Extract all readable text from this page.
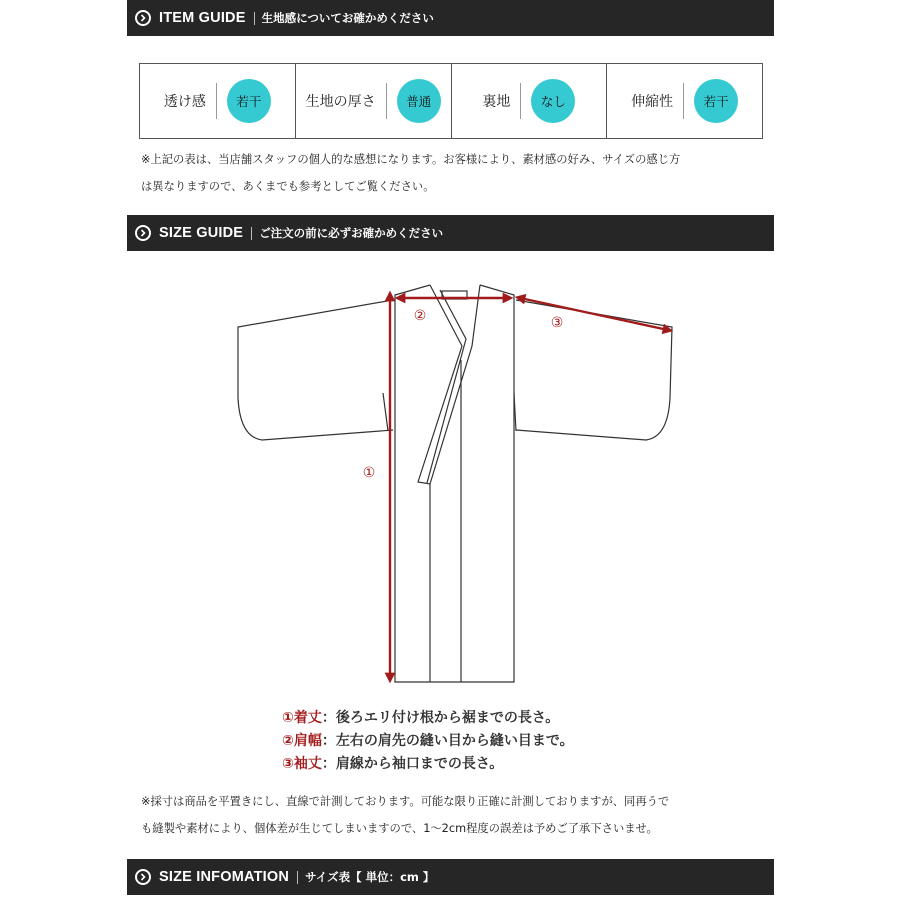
ITEM GUIDE 生地感についてお確かめください
透け感	若干	生地の厚さ	普通	裏地	なし	伸縮性	若干
※上記の表は、当店舗スタッフの個人的な感想になります。お客様により、素材感の好み、サイズの感じ方
は異なりますので、あくまでも参考としてご覧ください。
SIZE GUIDE ご注文の前に必ずお確かめください
①
②	③
①着丈：後ろエリ付け根から裾までの長さ。
②肩幅：左右の肩先の縫い目から縫い目まで。
③袖丈：肩線から袖口までの長さ。
※採寸は商品を平置きにし、直線で計測しております。可能な限り正確に計測しておりますが、同再うで
も縫製や素材により、個体差が生じてしまいますので、1〜2cm程度の誤差は予めご了承下さいませ。
SIZE INFOMATION サイズ表【 単位：cm 】
